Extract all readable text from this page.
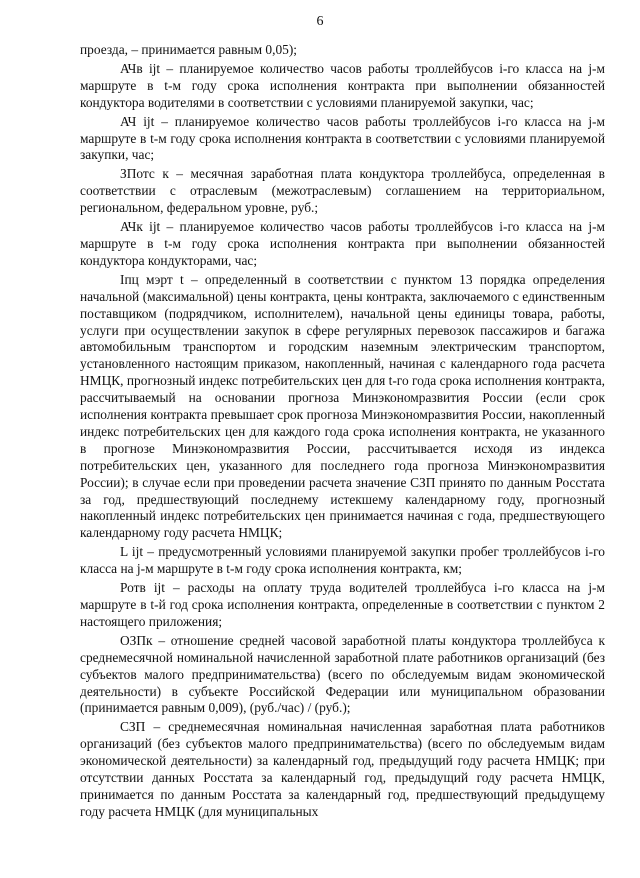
6

проезда, – принимается равным 0,05);

АЧв ijt – планируемое количество часов работы троллейбусов i-го класса на j-м маршруте в t-м году срока исполнения контракта при выполнении обязанностей кондуктора водителями в соответствии с условиями планируемой закупки, час;

АЧ ijt – планируемое количество часов работы троллейбусов i-го класса на j-м маршруте в t-м году срока исполнения контракта в соответствии с условиями планируемой закупки, час;

ЗПотс к – месячная заработная плата кондуктора троллейбуса, определенная в соответствии с отраслевым (межотраслевым) соглашением на территориальном, региональном, федеральном уровне, руб.;

АЧк ijt – планируемое количество часов работы троллейбусов i-го класса на j-м маршруте в t-м году срока исполнения контракта при выполнении обязанностей кондуктора кондукторами, час;

Iпц мэрт t – определенный в соответствии с пунктом 13 порядка определения начальной (максимальной) цены контракта, цены контракта, заключаемого с единственным поставщиком (подрядчиком, исполнителем), начальной цены единицы товара, работы, услуги при осуществлении закупок в сфере регулярных перевозок пассажиров и багажа автомобильным транспортом и городским наземным электрическим транспортом, установленного настоящим приказом, накопленный, начиная с календарного года расчета НМЦК, прогнозный индекс потребительских цен для t-го года срока исполнения контракта, рассчитываемый на основании прогноза Минэкономразвития России (если срок исполнения контракта превышает срок прогноза Минэкономразвития России, накопленный индекс потребительских цен для каждого года срока исполнения контракта, не указанного в прогнозе Минэкономразвития России, рассчитывается исходя из индекса потребительских цен, указанного для последнего года прогноза Минэкономразвития России); в случае если при проведении расчета значение СЗП принято по данным Росстата за год, предшествующий последнему истекшему календарному году, прогнозный накопленный индекс потребительских цен принимается начиная с года, предшествующего календарному году расчета НМЦК;

L ijt – предусмотренный условиями планируемой закупки пробег троллейбусов i-го класса на j-м маршруте в t-м году срока исполнения контракта, км;

Ротв ijt – расходы на оплату труда водителей троллейбуса i-го класса на j-м маршруте в t-й год срока исполнения контракта, определенные в соответствии с пунктом 2 настоящего приложения;

ОЗПк – отношение средней часовой заработной платы кондуктора троллейбуса к среднемесячной номинальной начисленной заработной плате работников организаций (без субъектов малого предпринимательства) (всего по обследуемым видам экономической деятельности) в субъекте Российской Федерации или муниципальном образовании (принимается равным 0,009), (руб./час) / (руб.);

СЗП – среднемесячная номинальная начисленная заработная плата работников организаций (без субъектов малого предпринимательства) (всего по обследуемым видам экономической деятельности) за календарный год, предыдущий году расчета НМЦК; при отсутствии данных Росстата за календарный год, предыдущий году расчета НМЦК, принимается по данным Росстата за календарный год, предшествующий предыдущему году расчета НМЦК (для муниципальных
